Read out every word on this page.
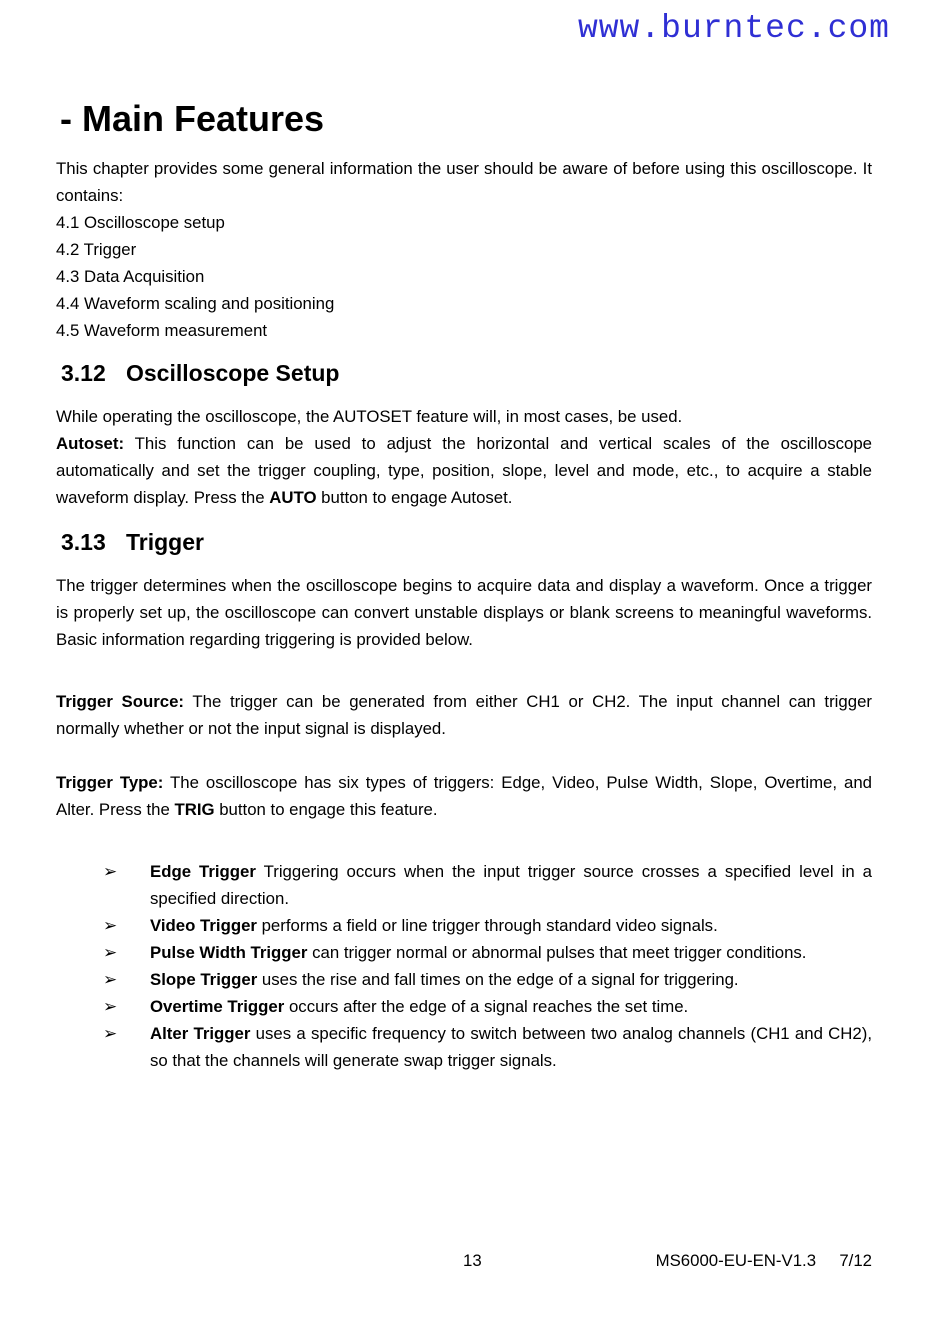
www.burntec.com
- Main Features

This chapter provides some general information the user should be aware of before using this oscilloscope. It contains:

4.1 Oscilloscope setup

4.2 Trigger

4.3 Data Acquisition

4.4 Waveform scaling and positioning

4.5 Waveform measurement

3.12 Oscilloscope Setup

While operating the oscilloscope, the AUTOSET feature will, in most cases, be used.

Autoset: This function can be used to adjust the horizontal and vertical scales of the oscilloscope automatically and set the trigger coupling, type, position, slope, level and mode, etc., to acquire a stable waveform display. Press the AUTO button to engage Autoset.

3.13 Trigger

The trigger determines when the oscilloscope begins to acquire data and display a waveform. Once a trigger is properly set up, the oscilloscope can convert unstable displays or blank screens to meaningful waveforms. Basic information regarding triggering is provided below.

Trigger Source: The trigger can be generated from either CH1 or CH2. The input channel can trigger normally whether or not the input signal is displayed.

Trigger Type: The oscilloscope has six types of triggers: Edge, Video, Pulse Width, Slope, Overtime, and Alter. Press the TRIG button to engage this feature.

➢	Edge Trigger Triggering occurs when the input trigger source crosses a specified level in a specified direction.
➢	Video Trigger performs a field or line trigger through standard video signals.
➢	Pulse Width Trigger can trigger normal or abnormal pulses that meet trigger conditions.
➢	Slope Trigger uses the rise and fall times on the edge of a signal for triggering.
➢	Overtime Trigger occurs after the edge of a signal reaches the set time.
➢	Alter Trigger uses a specific frequency to switch between two analog channels (CH1 and CH2), so that the channels will generate swap trigger signals.
13	MS6000-EU-EN-V1.3     7/12
